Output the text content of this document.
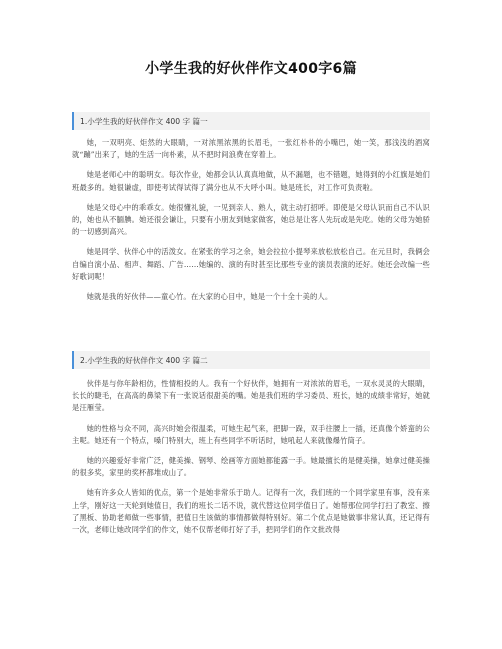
小学生我的好伙伴作文400字6篇
1.小学生我的好伙伴作文 400 字 篇一

她，一双明亮、炬然的大眼睛，一对浓黑浓黑的长眉毛，一张红朴朴的小嘴巴，她一笑，那浅浅的酒窝就“蹦”出来了，她的生活一向朴素，从不把时间浪费在穿着上。

她是老师心中的聪明女。每次作业，她都会认认真真地做，从不漏题，也不错题，她得到的小红旗是她们班最多的。她很谦虚，即使考试得试得了满分也从不大呼小叫。她是班长，对工作可负责啦。

她是父母心中的乖乖女。她很懂礼貌，一见到亲人、熟人，就主动打招呼。即使是父母认识而自己不认识的，她也从不腼腆。她还很会谦让，只要有小朋友到她家做客，她总是让客人先玩或是先吃。她的父母为她骄的一切感到高兴。

她是同学、伙伴心中的活泼女。在紧张的学习之余，她会拉拉小提琴来放松放松自己。在元旦时，我俩会自编自演小品、相声、舞蹈、广告……她编的、演的有时甚至比那些专业的演员表演的还好。她还会改编一些好歌词呢！

她就是我的好伙伴——童心竹。在大家的心目中，她是一个十全十美的人。

2.小学生我的好伙伴作文 400 字 篇二

伙伴是与你年龄相仿，性情相投的人。我有一个好伙伴，她拥有一对浓浓的眉毛，一双水灵灵的大眼睛，长长的睫毛，在高高的鼻梁下有一张说话很甜美的嘴。她是我们班的学习委员、班长，她的成绩非常好，她就是汪雁莹。

她的性格与众不同，高兴时她会很温柔，可她生起气来，把脚一跺，双手往腰上一插，还真像个娇蛮的公主呢。她还有一个特点，嗓门特别大，班上有些同学不听话时，她吼起人来就像爆竹筒子。

她的兴趣爱好非常广泛，健美操、钢琴、绘画等方面她都能露一手。她最擅长的是健美操，她拿过健美操的很多奖，家里的奖杯都堆成山了。

她有许多众人皆知的优点，第一个是她非常乐于助人。记得有一次，我们班的一个同学家里有事，没有来上学，刚好这一天轮到她值日，我们的班长二话不说，就代替这位同学值日了。她帮那位同学打扫了教室、擦了黑板、协助老师做一些事情，把值日生该做的事情都做得特别好。第二个优点是她做事非常认真，还记得有一次，老师让她改同学们的作文，她不仅帮老师打好了手，把同学们的作文批改得
